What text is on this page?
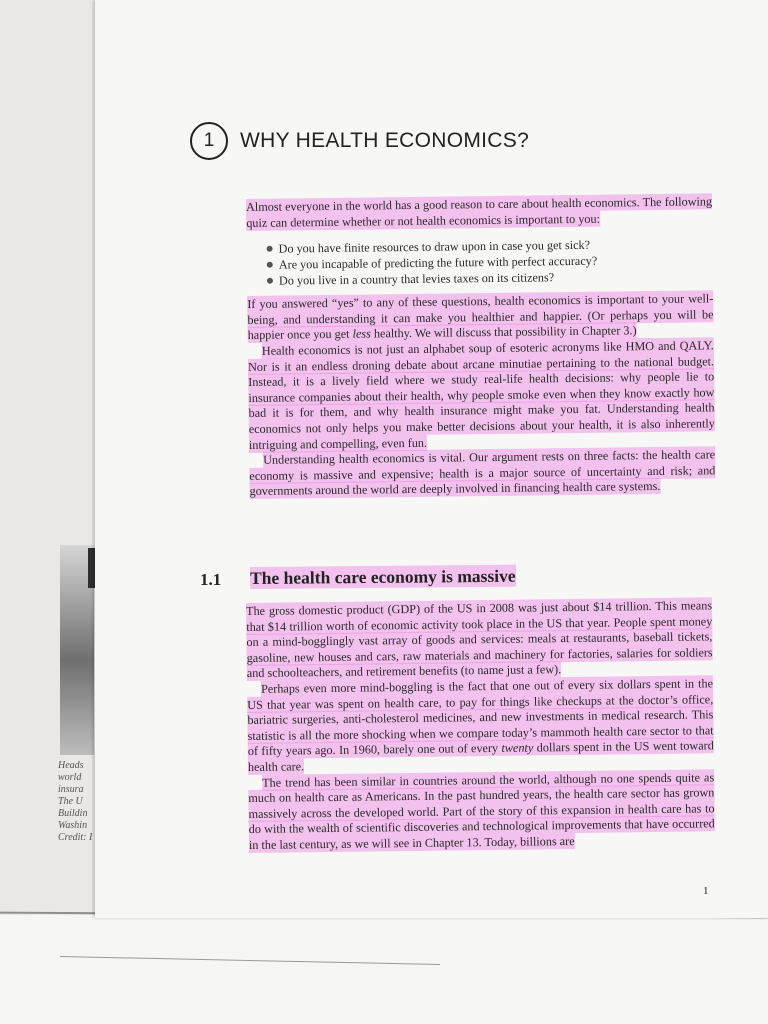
Heads
world
insura
The U
Buildin
Washin
Credit: I
1	WHY HEALTH ECONOMICS?

Almost everyone in the world has a good reason to care about health economics. The following quiz can determine whether or not health economics is important to you:

Do you have finite resources to draw upon in case you get sick?
Are you incapable of predicting the future with perfect accuracy?
Do you live in a country that levies taxes on its citizens?

If you answered “yes” to any of these questions, health economics is important to your well-being, and understanding it can make you healthier and happier. (Or perhaps you will be happier once you get less healthy. We will discuss that possibility in Chapter 3.)

Health economics is not just an alphabet soup of esoteric acronyms like HMO and QALY. Nor is it an endless droning debate about arcane minutiae pertaining to the national budget. Instead, it is a lively field where we study real-life health decisions: why people lie to insurance companies about their health, why people smoke even when they know exactly how bad it is for them, and why health insurance might make you fat. Understanding health economics not only helps you make better decisions about your health, it is also inherently intriguing and compelling, even fun.

Understanding health economics is vital. Our argument rests on three facts: the health care economy is massive and expensive; health is a major source of uncertainty and risk; and governments around the world are deeply involved in financing health care systems.

1.1 The health care economy is massive

The gross domestic product (GDP) of the US in 2008 was just about $14 trillion. This means that $14 trillion worth of economic activity took place in the US that year. People spent money on a mind-bogglingly vast array of goods and services: meals at restaurants, baseball tickets, gasoline, new houses and cars, raw materials and machinery for factories, salaries for soldiers and schoolteachers, and retirement benefits (to name just a few).

Perhaps even more mind-boggling is the fact that one out of every six dollars spent in the US that year was spent on health care, to pay for things like checkups at the doctor’s office, bariatric surgeries, anti-cholesterol medicines, and new investments in medical research. This statistic is all the more shocking when we compare today’s mammoth health care sector to that of fifty years ago. In 1960, barely one out of every twenty dollars spent in the US went toward health care.

The trend has been similar in countries around the world, although no one spends quite as much on health care as Americans. In the past hundred years, the health care sector has grown massively across the developed world. Part of the story of this expansion in health care has to do with the wealth of scientific discoveries and technological improvements that have occurred in the last century, as we will see in Chapter 13. Today, billions are

1
